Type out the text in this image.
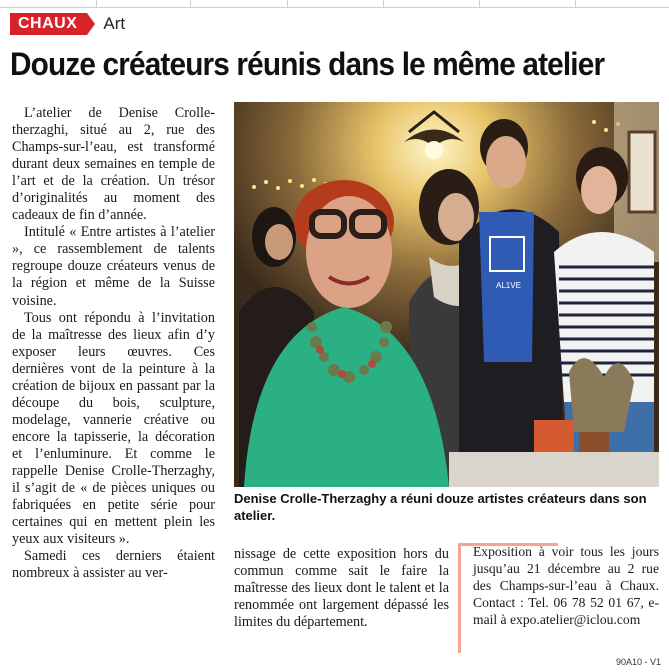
CHAUX	Art
Douze créateurs réunis dans le même atelier

L’atelier de Denise Crolle-therzaghi, situé au 2, rue des Champs-sur-l’eau, est transformé durant deux semaines en temple de l’art et de la création. Un trésor d’originalités au moment des cadeaux de fin d’année.

Intitulé « Entre artistes à l’atelier », ce rassemblement de talents regroupe douze créateurs venus de la région et même de la Suisse voisine.

Tous ont répondu à l’invitation de la maîtresse des lieux afin d’y exposer leurs œuvres. Ces dernières vont de la peinture à la création de bijoux en passant par la découpe du bois, sculpture, modelage, vannerie créative ou encore la tapisserie, la décoration et l’enluminure. Et comme le rappelle Denise Crolle-Therzaghy, il s’agit de « de pièces uniques ou fabriquées en petite série pour certaines qui en mettent plein les yeux aux visiteurs ».

Samedi ces derniers étaient nombreux à assister au ver-

AL1VE
Denise Crolle-Therzaghy a réuni douze artistes créateurs dans son atelier.

nissage de cette exposition hors du commun comme sait le faire la maîtresse des lieux dont le talent et la renommée ont largement dépassé les limites du département.

Exposition à voir tous les jours jusqu’au 21 décembre au 2 rue des Champs-sur-l’eau à Chaux. Contact : Tel. 06 78 52 01 67, e-mail à expo.atelier@iclou.com
90A10 - V1
